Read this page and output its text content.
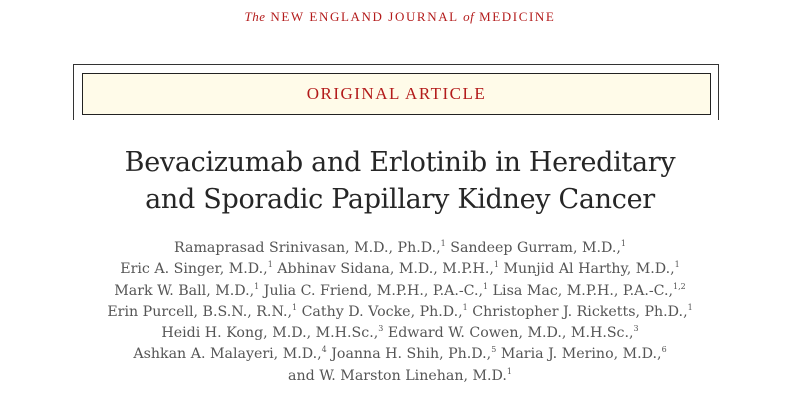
The NEW ENGLAND JOURNAL of MEDICINE
ORIGINAL ARTICLE
Bevacizumab and Erlotinib in Hereditary
and Sporadic Papillary Kidney Cancer
Ramaprasad Srinivasan, M.D., Ph.D.,$^1$ Sandeep Gurram, M.D.,$^1$
Eric A. Singer, M.D.,$^1$ Abhinav Sidana, M.D., M.P.H.,$^1$ Munjid Al Harthy, M.D.,$^1$
Mark W. Ball, M.D.,$^1$ Julia C. Friend, M.P.H., P.A.-C.,$^1$ Lisa Mac, M.P.H., P.A.-C.,$^{1,2}$
Erin Purcell, B.S.N., R.N.,$^1$ Cathy D. Vocke, Ph.D.,$^1$ Christopher J. Ricketts, Ph.D.,$^1$
Heidi H. Kong, M.D., M.H.Sc.,$^3$ Edward W. Cowen, M.D., M.H.Sc.,$^3$
Ashkan A. Malayeri, M.D.,$^4$ Joanna H. Shih, Ph.D.,$^5$ Maria J. Merino, M.D.,$^6$
and W. Marston Linehan, M.D.$^1$
